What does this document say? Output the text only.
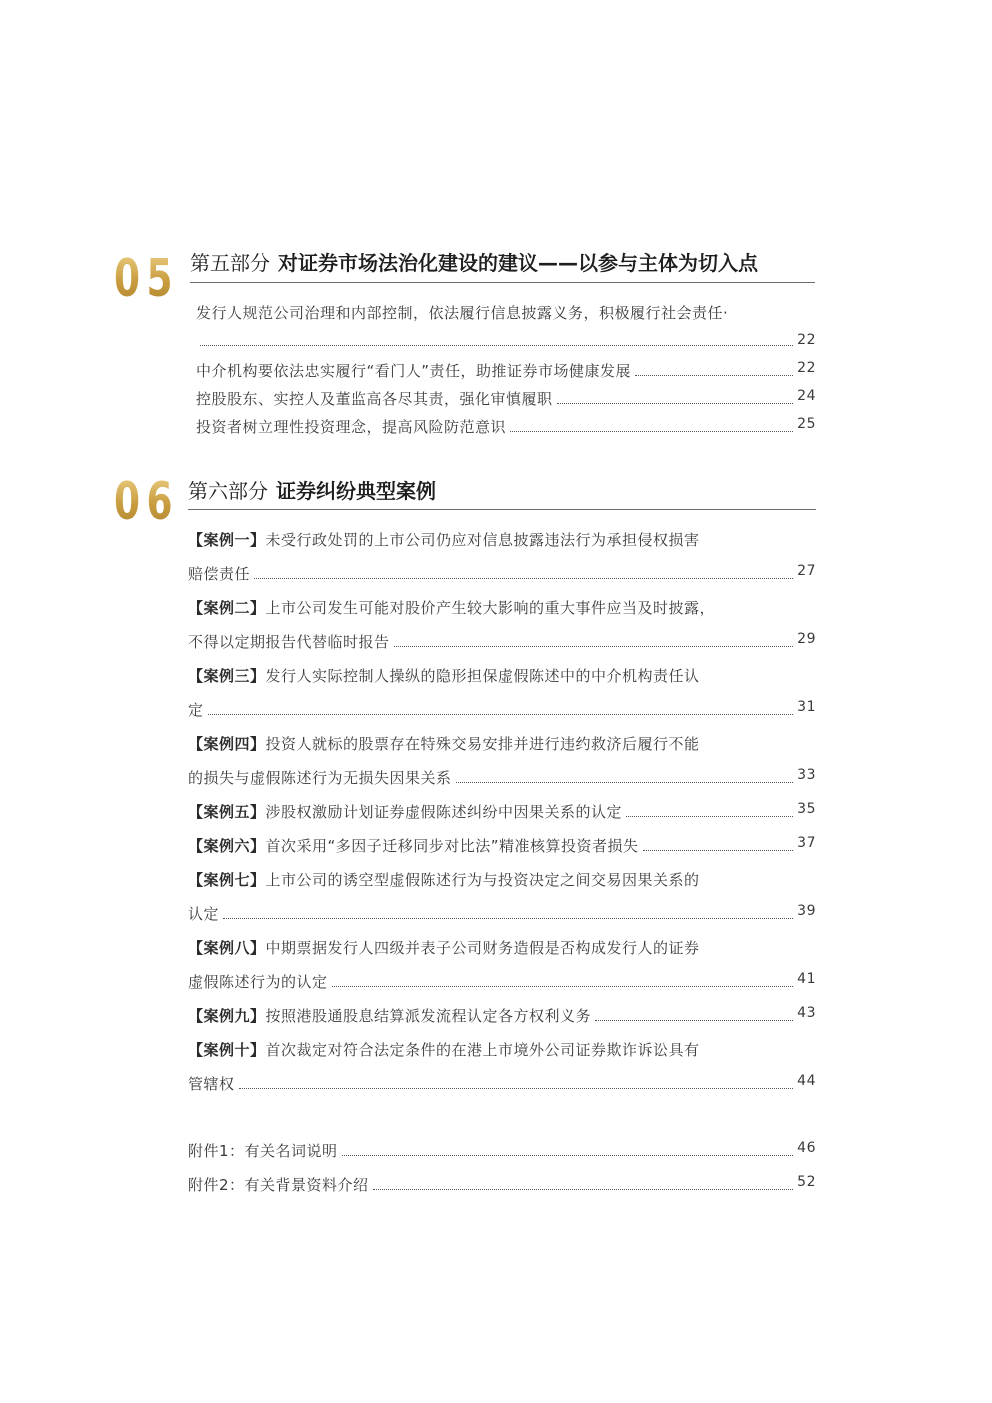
05 第五部分 对证券市场法治化建设的建议——以参与主体为切入点
发行人规范公司治理和内部控制，依法履行信息披露义务，积极履行社会责任·
22
中介机构要依法忠实履行“看门人”责任，助推证券市场健康发展	22
控股股东、实控人及董监高各尽其责，强化审慎履职	24
投资者树立理性投资理念，提高风险防范意识	25
06 第六部分 证券纠纷典型案例
【案例一】未受行政处罚的上市公司仍应对信息披露违法行为承担侵权损害
赔偿责任	27
【案例二】上市公司发生可能对股价产生较大影响的重大事件应当及时披露，
不得以定期报告代替临时报告	29
【案例三】发行人实际控制人操纵的隐形担保虚假陈述中的中介机构责任认
定	31
【案例四】投资人就标的股票存在特殊交易安排并进行违约救济后履行不能
的损失与虚假陈述行为无损失因果关系	33
【案例五】涉股权激励计划证券虚假陈述纠纷中因果关系的认定	35
【案例六】首次采用“多因子迁移同步对比法”精准核算投资者损失	37
【案例七】上市公司的诱空型虚假陈述行为与投资决定之间交易因果关系的
认定	39
【案例八】中期票据发行人四级并表子公司财务造假是否构成发行人的证券
虚假陈述行为的认定	41
【案例九】按照港股通股息结算派发流程认定各方权利义务	43
【案例十】首次裁定对符合法定条件的在港上市境外公司证券欺诈诉讼具有
管辖权	44
附件1：有关名词说明	46
附件2：有关背景资料介绍	52
